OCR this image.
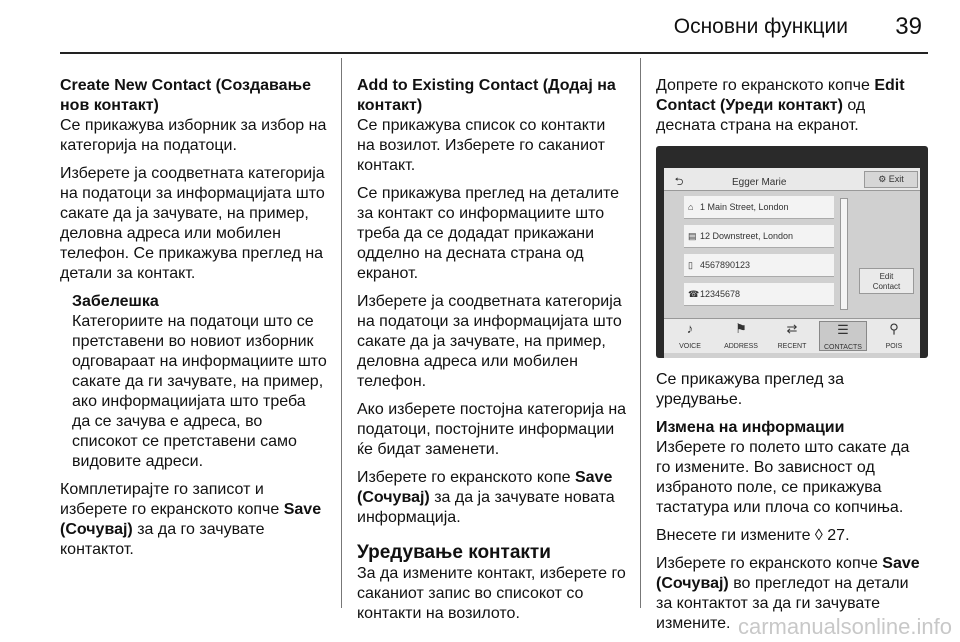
Основни функции 39

Create New Contact (Создавање нов контакт)

Се прикажува изборник за избор на категорија на податоци.

Изберете ја соодветната категорија на податоци за информацијата што сакате да ја зачувате, на пример, деловна адреса или мобилен телефон. Се прикажува преглед на детали за контакт.

Забелешка

Категориите на податоци што се претставени во новиот изборник одговараат на информациите што сакате да ги зачувате, на пример, ако информациијата што треба да се зачува е адреса, во списокот се претставени само видовите адреси.

Комплетирајте го записот и изберете го екранското копче Save (Сочувај) за да го зачувате контактот.

Add to Existing Contact (Додај на контакт)

Се прикажува список со контакти на возилот. Изберете го саканиот контакт.

Се прикажува преглед на деталите за контакт со информациите што треба да се додадат прикажани одделно на десната страна од екранот.

Изберете ја соодветната категорија на податоци за информацијата што сакате да ја зачувате, на пример, деловна адреса или мобилен телефон.

Ако изберете постојна категорија на податоци, постојните информации ќе бидат заменети.

Изберете го екранското копе Save (Сочувај) за да ја зачувате новата информација.

Уредување контакти

За да измените контакт, изберете го саканиот запис во списокот со контакти на возилото.

Допрете го екранското копче Edit Contact (Уреди контакт) од десната страна на екранот.

⮌	Egger Marie	⚙ Exit
⌂ 1 Main Street, London
▤ 12 Downstreet, London
▯ 4567890123
☎12345678
Edit
Contact
♪
VOICE
⚑
ADDRESS
⇄
RECENT
☰
CONTACTS
⚲
POIS

Се прикажува преглед за уредување.

Измена на информации

Изберете го полето што сакате да го измените. Во зависност од избраното поле, се прикажува тастатура или плоча со копчиња.

Внесете ги измените ◊ 27.

Изберете го екранското копче Save (Сочувај) во прегледот на детали за контактот за да ги зачувате измените. carmanualsonline.info
